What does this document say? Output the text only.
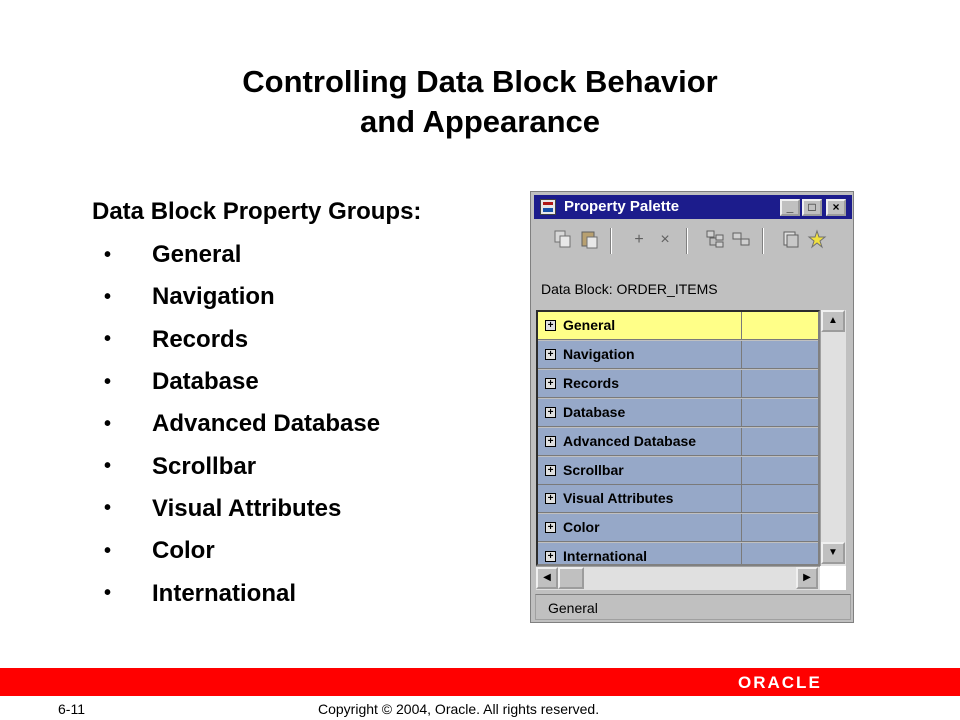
Controlling Data Block Behavior
and Appearance
Data Block Property Groups:
•	General
•	Navigation
•	Records
•	Database
•	Advanced Database
•	Scrollbar
•	Visual Attributes
•	Color
•	International
Property Palette	_	□	×
+	×
Data Block: ORDER_ITEMS
+ General
+ Navigation
+ Records
+ Database
+ Advanced Database
+ Scrollbar
+ Visual Attributes
+ Color
+ International
▲
▼
◀	▶
General
ORACLE
6-11	Copyright © 2004, Oracle. All rights reserved.
